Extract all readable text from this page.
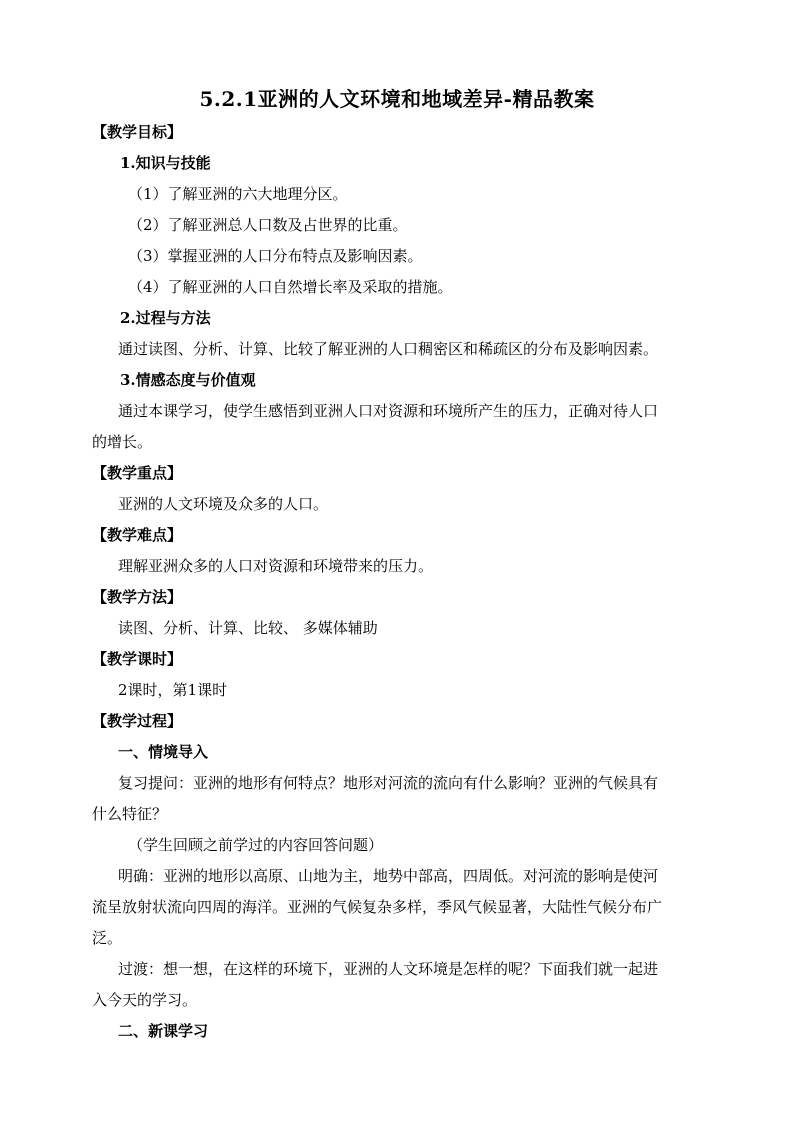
5.2.1亚洲的人文环境和地域差异-精品教案
【教学目标】
1.知识与技能
（1）了解亚洲的六大地理分区。
（2）了解亚洲总人口数及占世界的比重。
（3）掌握亚洲的人口分布特点及影响因素。
（4）了解亚洲的人口自然增长率及采取的措施。
2.过程与方法
通过读图、分析、计算、比较了解亚洲的人口稠密区和稀疏区的分布及影响因素。
3.情感态度与价值观
通过本课学习，使学生感悟到亚洲人口对资源和环境所产生的压力，正确对待人口
的增长。
【教学重点】
亚洲的人文环境及众多的人口。
【教学难点】
理解亚洲众多的人口对资源和环境带来的压力。
【教学方法】
读图、分析、计算、比较、 多媒体辅助
【教学课时】
2课时，第1课时
【教学过程】
一、情境导入
复习提问：亚洲的地形有何特点？地形对河流的流向有什么影响？亚洲的气候具有
什么特征？
（学生回顾之前学过的内容回答问题）
明确：亚洲的地形以高原、山地为主，地势中部高，四周低。对河流的影响是使河
流呈放射状流向四周的海洋。亚洲的气候复杂多样，季风气候显著，大陆性气候分布广
泛。
过渡：想一想，在这样的环境下，亚洲的人文环境是怎样的呢？下面我们就一起进
入今天的学习。
二、新课学习
